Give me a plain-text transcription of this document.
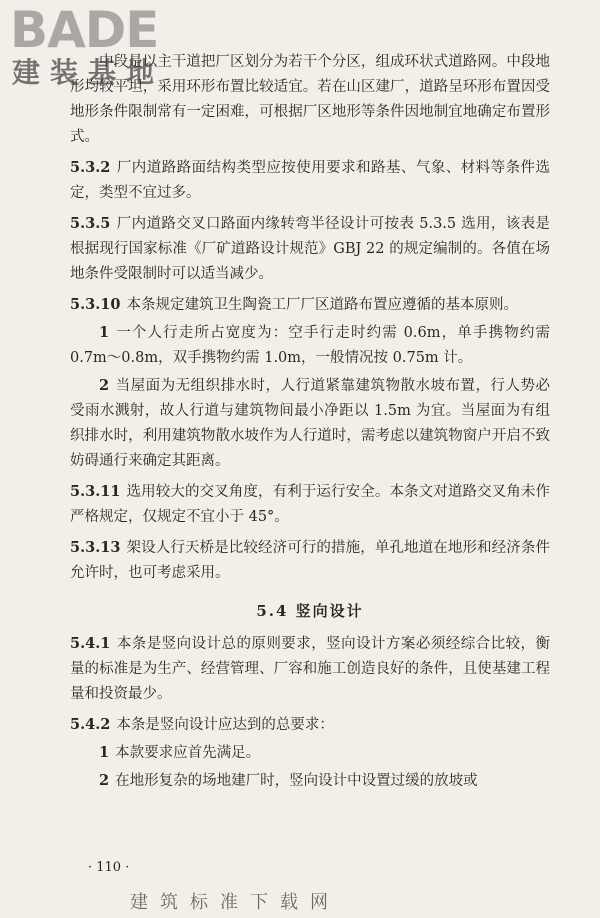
BADE
建装基地

中段是以主干道把厂区划分为若干个分区，组成环状式道路网。中段地形均较平坦，采用环形布置比较适宜。若在山区建厂，道路呈环形布置因受地形条件限制常有一定困难，可根据厂区地形等条件因地制宜地确定布置形式。

5.3.2 厂内道路路面结构类型应按使用要求和路基、气象、材料等条件选定，类型不宜过多。

5.3.5 厂内道路交叉口路面内缘转弯半径设计可按表 5.3.5 选用，该表是根据现行国家标准《厂矿道路设计规范》GBJ 22 的规定编制的。各值在场地条件受限制时可以适当减少。

5.3.10 本条规定建筑卫生陶瓷工厂厂区道路布置应遵循的基本原则。

1 一个人行走所占宽度为：空手行走时约需 0.6m，单手携物约需 0.7m～0.8m，双手携物约需 1.0m，一般情况按 0.75m 计。

2 当屋面为无组织排水时，人行道紧靠建筑物散水坡布置，行人势必受雨水溅射，故人行道与建筑物间最小净距以 1.5m 为宜。当屋面为有组织排水时，利用建筑物散水坡作为人行道时，需考虑以建筑物窗户开启不致妨碍通行来确定其距离。

5.3.11 选用较大的交叉角度，有利于运行安全。本条文对道路交叉角未作严格规定，仅规定不宜小于 45°。

5.3.13 架设人行天桥是比较经济可行的措施，单孔地道在地形和经济条件允许时，也可考虑采用。

5.4 竖向设计

5.4.1 本条是竖向设计总的原则要求，竖向设计方案必须经综合比较，衡量的标准是为生产、经营管理、厂容和施工创造良好的条件，且使基建工程量和投资最少。

5.4.2 本条是竖向设计应达到的总要求：

1 本款要求应首先满足。

2 在地形复杂的场地建厂时，竖向设计中设置过缓的放坡或

· 110 ·
建筑标准下载网
